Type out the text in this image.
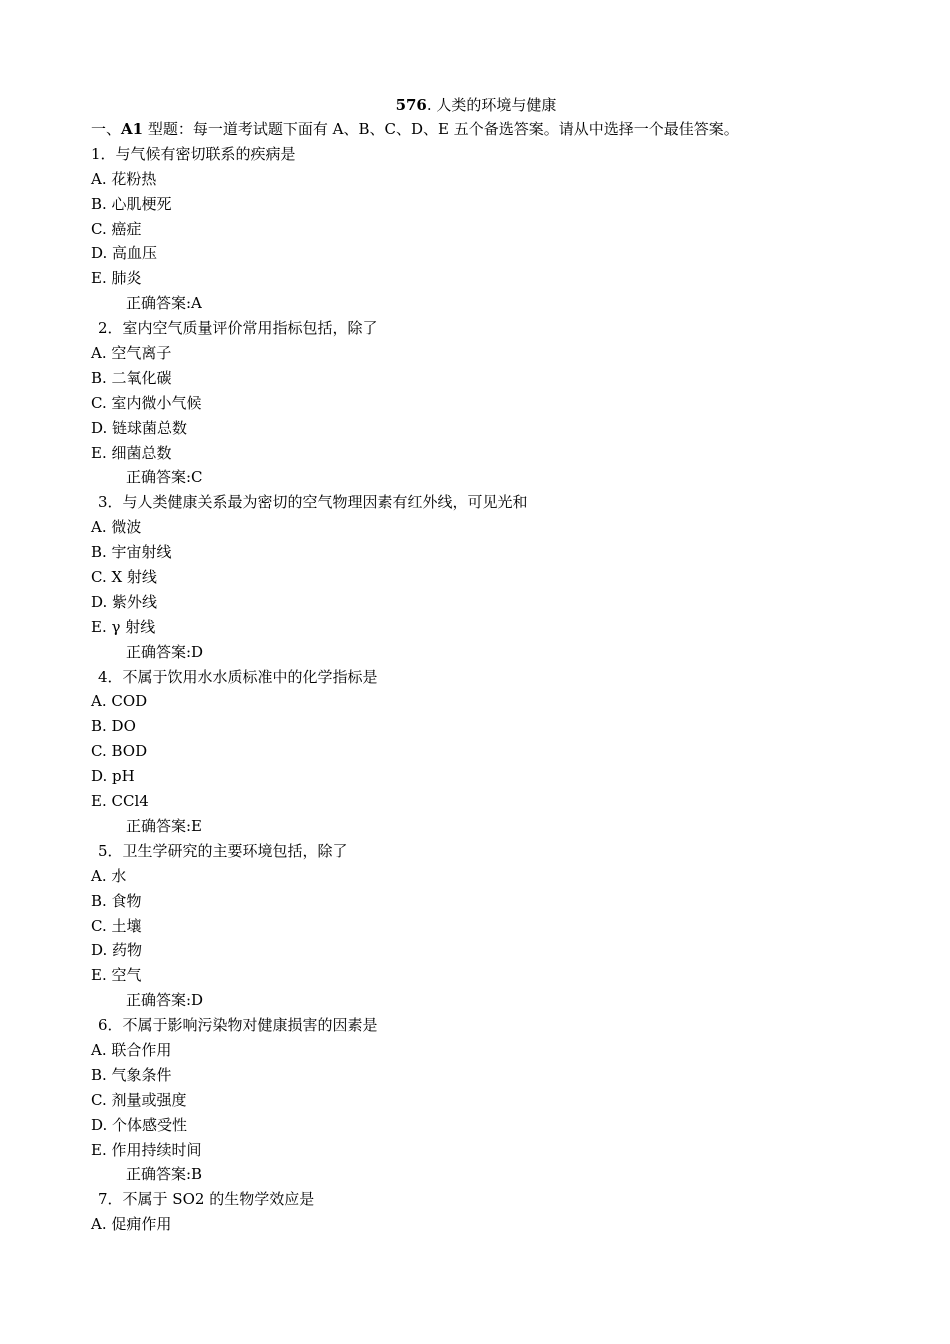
576. 人类的环境与健康
一、A1 型题：每一道考试题下面有 A、B、C、D、E 五个备选答案。请从中选择一个最佳答案。
1．与气候有密切联系的疾病是
A. 花粉热
B. 心肌梗死
C. 癌症
D. 高血压
E. 肺炎
正确答案:A
2．室内空气质量评价常用指标包括，除了
A. 空气离子
B. 二氧化碳
C. 室内微小气候
D. 链球菌总数
E. 细菌总数
正确答案:C
3．与人类健康关系最为密切的空气物理因素有红外线，可见光和
A. 微波
B. 宇宙射线
C. X 射线
D. 紫外线
E. γ 射线
正确答案:D
4．不属于饮用水水质标准中的化学指标是
A. COD
B. DO
C. BOD
D. pH
E. CCl4
正确答案:E
5．卫生学研究的主要环境包括，除了
A. 水
B. 食物
C. 土壤
D. 药物
E. 空气
正确答案:D
6．不属于影响污染物对健康损害的因素是
A. 联合作用
B. 气象条件
C. 剂量或强度
D. 个体感受性
E. 作用持续时间
正确答案:B
7．不属于 SO2 的生物学效应是
A. 促痈作用
